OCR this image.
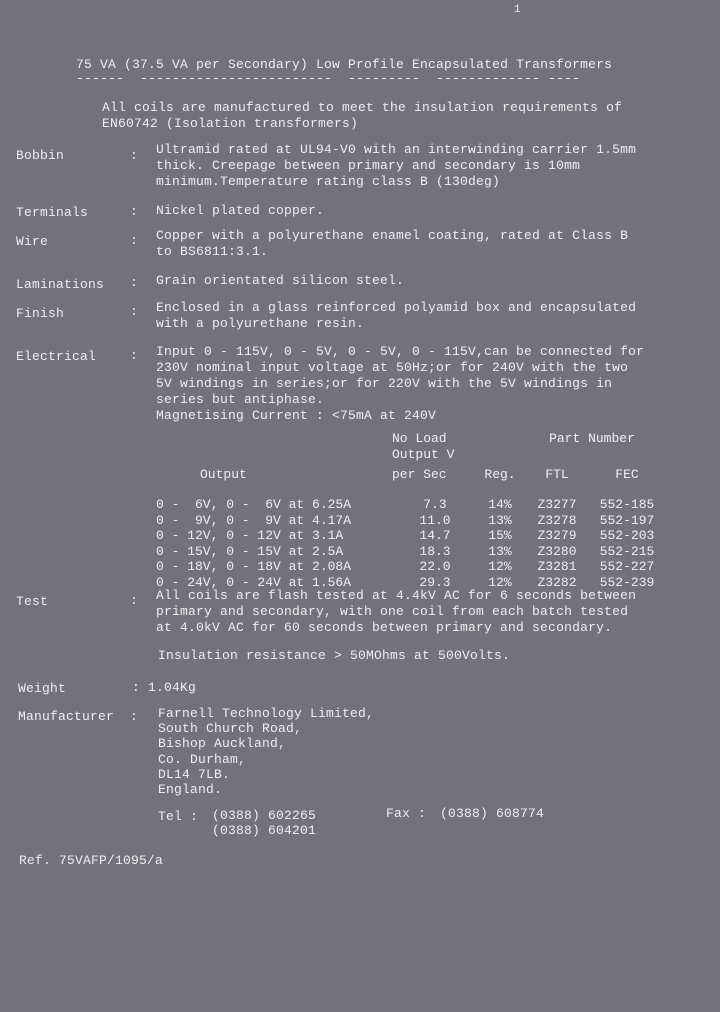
1
75 VA (37.5 VA per Secondary) Low Profile Encapsulated Transformers
------  ------------------------  ---------  ------------- ----
All coils are manufactured to meet the insulation requirements of
EN60742 (Isolation transformers)
Bobbin	: Ultramid rated at UL94-V0 with an interwinding carrier 1.5mm
thick. Creepage between primary and secondary is 10mm
minimum.Temperature rating class B (130deg)
Terminals	: Nickel plated copper.
Wire	: Copper with a polyurethane enamel coating, rated at Class B
to BS6811:3.1.
Laminations : Grain orientated silicon steel.
Finish	: Enclosed in a glass reinforced polyamid box and encapsulated
with a polyurethane resin.
Electrical	: Input 0 - 115V, 0 - 5V, 0 - 5V, 0 - 115V,can be connected for
230V nominal input voltage at 50Hz;or for 240V with the two
5V windings in series;or for 220V with the 5V windings in
series but antiphase.
Magnetising Current : <75mA at 240V
	No Load		Part Number	
	Output V			
Output	per Sec	Reg.	FTL	FEC

0 -  6V, 0 -  6V at 6.25A	7.3	14%	Z3277	552-185
0 -  9V, 0 -  9V at 4.17A	11.0	13%	Z3278	552-197
0 - 12V, 0 - 12V at 3.1A	14.7	15%	Z3279	552-203
0 - 15V, 0 - 15V at 2.5A	18.3	13%	Z3280	552-215
0 - 18V, 0 - 18V at 2.08A	22.0	12%	Z3281	552-227
0 - 24V, 0 - 24V at 1.56A	29.3	12%	Z3282	552-239
Test	: All coils are flash tested at 4.4kV AC for 6 seconds between
primary and secondary, with one coil from each batch tested
at 4.0kV AC for 60 seconds between primary and secondary.
Insulation resistance > 50MOhms at 500Volts.
Weight	: 1.04Kg
Manufacturer : Farnell Technology Limited,
South Church Road,
Bishop Auckland,
Co. Durham,
DL14 7LB.
England.
Tel : (0388) 602265
(0388) 604201
Fax : (0388) 608774
Ref. 75VAFP/1095/a
